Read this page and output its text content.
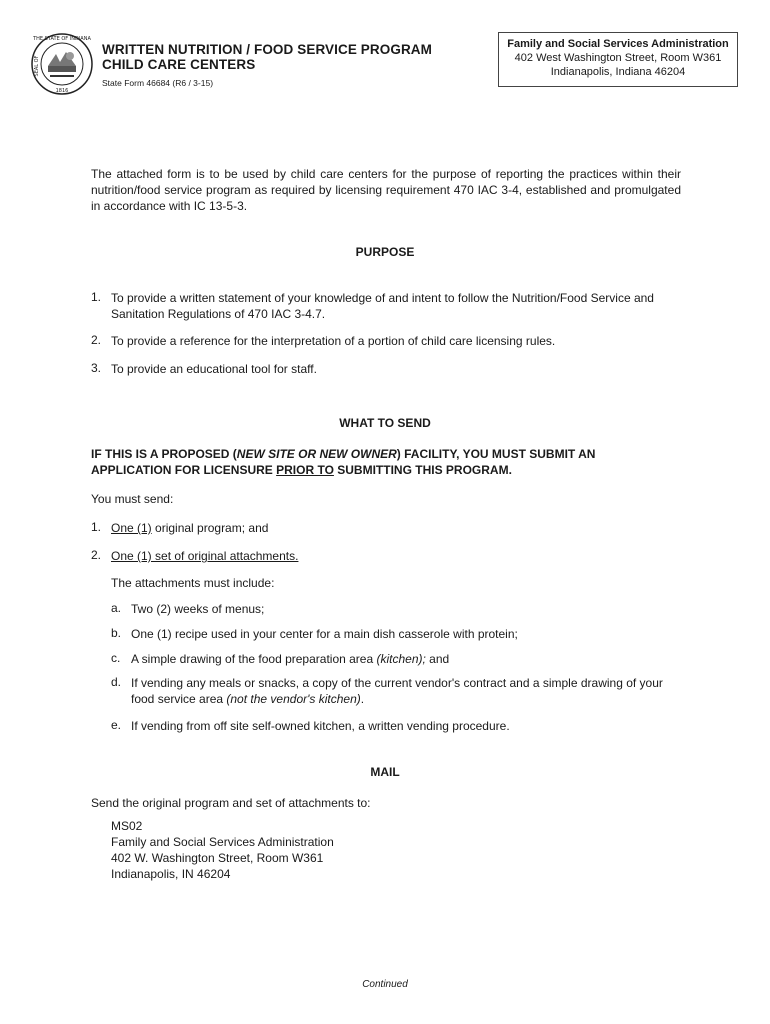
THE STATE OF INDIANA
SEAL OF
1816
WRITTEN NUTRITION / FOOD SERVICE PROGRAM
CHILD CARE CENTERS
State Form 46684 (R6 / 3-15)
Family and Social Services Administration
402 West Washington Street, Room W361
Indianapolis, Indiana 46204
The attached form is to be used by child care centers for the purpose of reporting the practices within their nutrition/food service program as required by licensing requirement 470 IAC 3-4, established and promulgated in accordance with IC 13-5-3.
PURPOSE
1. To provide a written statement of your knowledge of and intent to follow the Nutrition/Food Service and Sanitation Regulations of 470 IAC 3-4.7.
2. To provide a reference for the interpretation of a portion of child care licensing rules.
3. To provide an educational tool for staff.
WHAT TO SEND
IF THIS IS A PROPOSED (NEW SITE OR NEW OWNER) FACILITY, YOU MUST SUBMIT AN
APPLICATION FOR LICENSURE PRIOR TO SUBMITTING THIS PROGRAM.
You must send:
1. One (1) original program; and
2. One (1) set of original attachments.
The attachments must include:
a. Two (2) weeks of menus;
b. One (1) recipe used in your center for a main dish casserole with protein;
c. A simple drawing of the food preparation area (kitchen); and
d. If vending any meals or snacks, a copy of the current vendor's contract and a simple drawing of your food service area (not the vendor's kitchen).
e. If vending from off site self-owned kitchen, a written vending procedure.
MAIL
Send the original program and set of attachments to:
MS02
Family and Social Services Administration
402 W. Washington Street, Room W361
Indianapolis, IN 46204
Continued
